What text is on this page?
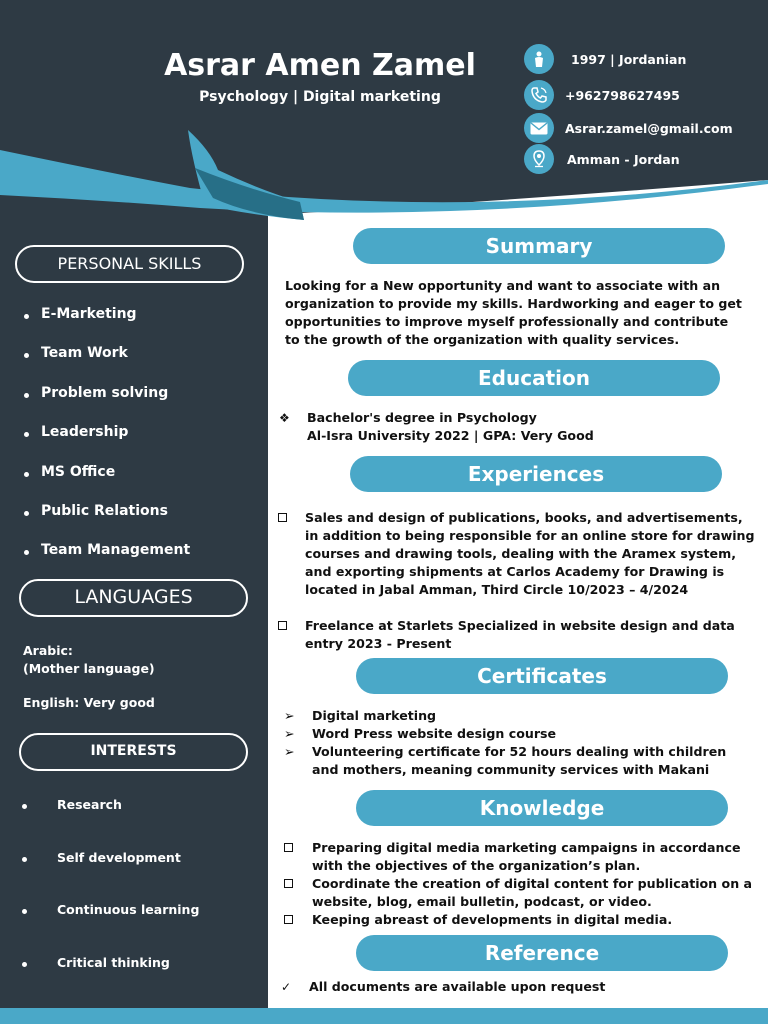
Asrar Amen Zamel
Psychology | Digital marketing
1997 | Jordanian
+962798627495
Asrar.zamel@gmail.com
Amman - Jordan
PERSONAL SKILLS
E-Marketing
Team Work
Problem solving
Leadership
MS Office
Public Relations
Team Management
LANGUAGES
Arabic:
(Mother language)
English: Very good
INTERESTS
Research
Self development
Continuous learning
Critical thinking
Summary
Looking for a New opportunity and want to associate with an organization to provide my skills. Hardworking and eager to get opportunities to improve myself professionally and contribute to the growth of the organization with quality services.
Education
❖	Bachelor's degree in Psychology
Al-Isra University 2022 | GPA: Very Good
Experiences
Sales and design of publications, books, and advertisements, in addition to being responsible for an online store for drawing courses and drawing tools, dealing with the Aramex system, and exporting shipments at Carlos Academy for Drawing is located in Jabal Amman, Third Circle 10/2023 – 4/2024
Freelance at Starlets Specialized in website design and data entry 2023 - Present
Certificates
➢ Digital marketing
➢ Word Press website design course
➢ Volunteering certificate for 52 hours dealing with children and mothers, meaning community services with Makani
Knowledge
Preparing digital media marketing campaigns in accordance with the objectives of the organization’s plan.
Coordinate the creation of digital content for publication on a website, blog, email bulletin, podcast, or video.
Keeping abreast of developments in digital media.
Reference
✓ All documents are available upon request
